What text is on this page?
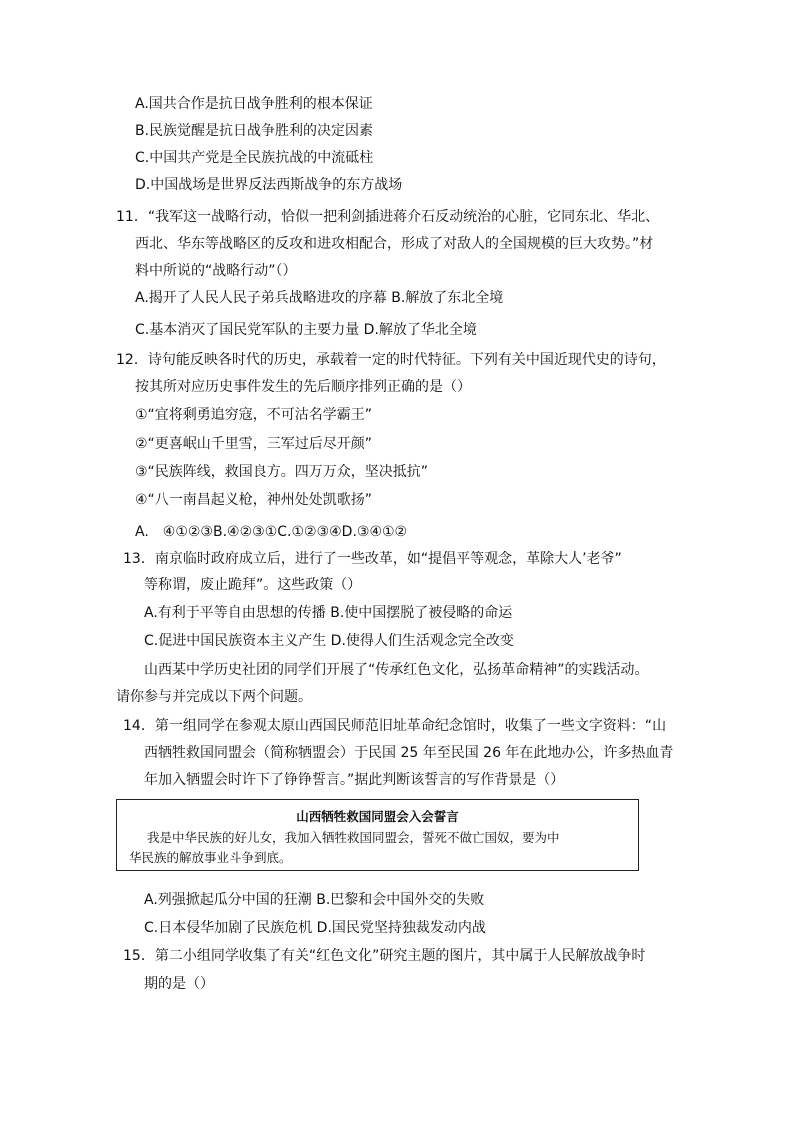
A.国共合作是抗日战争胜利的根本保证
B.民族觉醒是抗日战争胜利的决定因素
C.中国共产党是全民族抗战的中流砥柱
D.中国战场是世界反法西斯战争的东方战场
11．“我军这一战略行动，恰似一把利剑插进蒋介石反动统治的心脏，它同东北、华北、
西北、华东等战略区的反攻和进攻相配合，形成了对敌人的全国规模的巨大攻势。”材
料中所说的“战略行动”（）
A.揭开了人民人民子弟兵战略进攻的序幕 B.解放了东北全境
C.基本消灭了国民党军队的主要力量 D.解放了华北全境
12．诗句能反映各时代的历史，承载着一定的时代特征。下列有关中国近现代史的诗句，
按其所对应历史事件发生的先后顺序排列正确的是（）
①“宜将剩勇追穷寇，不可沽名学霸王”
②“更喜岷山千里雪，三军过后尽开颜”
③“民族阵线，救国良方。四万万众，坚决抵抗”
④“八一南昌起义枪，神州处处凯歌扬”
A.　④①②③B.④②③①C.①②③④D.③④①②
13．南京临时政府成立后，进行了一些改革，如“提倡平等观念，革除大人’老爷”
等称谓，废止跪拜”。这些政策（）
A.有利于平等自由思想的传播 B.使中国摆脱了被侵略的命运
C.促进中国民族资本主义产生 D.使得人们生活观念完全改变
山西某中学历史社团的同学们开展了“传承红色文化，弘扬革命精神”的实践活动。
请你参与并完成以下两个问题。
14．第一组同学在参观太原山西国民师范旧址革命纪念馆时，收集了一些文字资料：“山
西牺牲救国同盟会（简称牺盟会）于民国 25 年至民国 26 年在此地办公，许多热血青
年加入牺盟会时许下了铮铮誓言。”据此判断该誓言的写作背景是（）
山西牺牲救国同盟会入会誓言
我是中华民族的好儿女，我加入牺牲救国同盟会，誓死不做亡国奴，要为中
华民族的解放事业斗争到底。
A.列强掀起瓜分中国的狂潮 B.巴黎和会中国外交的失败
C.日本侵华加剧了民族危机 D.国民党坚持独裁发动内战
15．第二小组同学收集了有关“红色文化”研究主题的图片，其中属于人民解放战争时
期的是（）
